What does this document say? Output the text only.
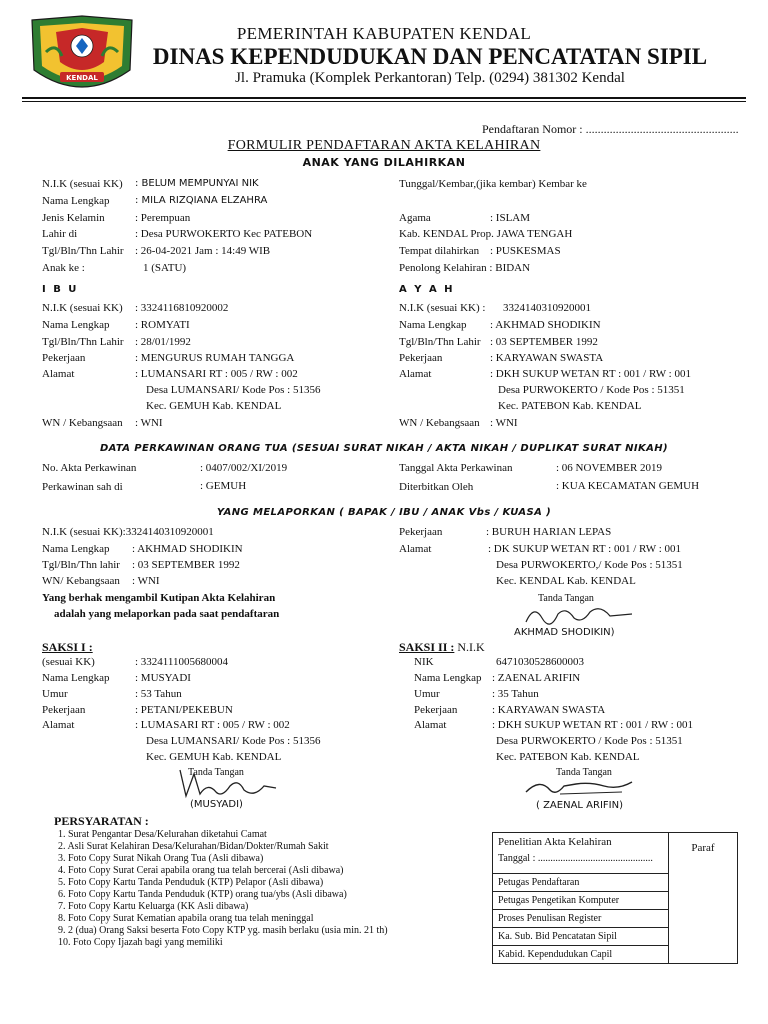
KENDAL
PEMERINTAH KABUPATEN KENDAL
DINAS KEPENDUDUKAN DAN PENCATATAN SIPIL
Jl. Pramuka (Komplek Perkantoran) Telp. (0294) 381302 Kendal
Pendaftaran Nomor : ...................................................
FORMULIR PENDAFTARAN AKTA KELAHIRAN
ANAK YANG DILAHIRKAN
N.I.K (sesuai KK) : BELUM MEMPUNYAI NIK
Nama Lengkap	: MILA RIZQIANA ELZAHRA
Jenis Kelamin	: Perempuan
Lahir di	: Desa PURWOKERTO Kec PATEBON
Tgl/Bln/Thn Lahir : 26-04-2021 Jam : 14:49 WIB
Anak ke :	1 (SATU)
Tunggal/Kembar,(jika kembar) Kembar ke
Agama	: ISLAM
Kab. KENDAL Prop. JAWA TENGAH
Tempat dilahirkan : PUSKESMAS
Penolong Kelahiran : BIDAN
I B U
N.I.K (sesuai KK) : 3324116810920002
Nama Lengkap : ROMYATI
Tgl/Bln/Thn Lahir : 28/01/1992
Pekerjaan	: MENGURUS RUMAH TANGGA
Alamat	: LUMANSARI RT : 005 / RW : 002
Desa LUMANSARI/ Kode Pos : 51356
Kec. GEMUH Kab. KENDAL
WN / Kebangsaan : WNI
A Y A H
N.I.K (sesuai KK) : 3324140310920001
Nama Lengkap : AKHMAD SHODIKIN
Tgl/Bln/Thn Lahir : 03 SEPTEMBER 1992
Pekerjaan	: KARYAWAN SWASTA
Alamat	: DKH SUKUP WETAN RT : 001 / RW : 001
Desa PURWOKERTO / Kode Pos : 51351
Kec. PATEBON Kab. KENDAL
WN / Kebangsaan : WNI
DATA PERKAWINAN ORANG TUA (SESUAI SURAT NIKAH / AKTA NIKAH / DUPLIKAT SURAT NIKAH)
No. Akta Perkawinan	: 0407/002/XI/2019
Perkawinan sah di	: GEMUH
Tanggal Akta Perkawinan	: 06 NOVEMBER 2019
Diterbitkan Oleh	: KUA KECAMATAN GEMUH
YANG MELAPORKAN ( BAPAK / IBU / ANAK Vbs / KUASA )
N.I.K (sesuai KK):3324140310920001
Nama Lengkap : AKHMAD SHODIKIN
Tgl/Bln/Thn lahir : 03 SEPTEMBER 1992
WN/ Kebangsaan : WNI
Yang berhak mengambil Kutipan Akta Kelahiran
adalah yang melaporkan pada saat pendaftaran
Pekerjaan	: BURUH HARIAN LEPAS
Alamat	: DK SUKUP WETAN RT : 001 / RW : 001
Desa PURWOKERTO,/ Kode Pos : 51351
Kec. KENDAL Kab. KENDAL
Tanda Tangan
AKHMAD SHODIKIN)
SAKSI I :
(sesuai KK)	: 3324111005680004
Nama Lengkap : MUSYADI
Umur	: 53 Tahun
Pekerjaan	: PETANI/PEKEBUN
Alamat	: LUMASARI RT : 005 / RW : 002
Desa LUMANSARI/ Kode Pos : 51356
Kec. GEMUH Kab. KENDAL
Tanda Tangan
(MUSYADI)
SAKSI II : N.I.K
NIK	6471030528600003
Nama Lengkap : ZAENAL ARIFIN
Umur	: 35 Tahun
Pekerjaan	: KARYAWAN SWASTA
Alamat	: DKH SUKUP WETAN RT : 001 / RW : 001
Desa PURWOKERTO / Kode Pos : 51351
Kec. PATEBON Kab. KENDAL
Tanda Tangan
( ZAENAL ARIFIN)
PERSYARATAN :
1. Surat Pengantar Desa/Kelurahan diketahui Camat
2. Asli Surat Kelahiran Desa/Kelurahan/Bidan/Dokter/Rumah Sakit
3. Foto Copy Surat Nikah Orang Tua (Asli dibawa)
4. Foto Copy Surat Cerai apabila orang tua telah bercerai (Asli dibawa)
5. Foto Copy Kartu Tanda Penduduk (KTP) Pelapor (Asli dibawa)
6. Foto Copy Kartu Tanda Penduduk (KTP) orang tua/ybs (Asli dibawa)
7. Foto Copy Kartu Keluarga (KK Asli dibawa)
8. Foto Copy Surat Kematian apabila orang tua telah meninggal
9. 2 (dua) Orang Saksi beserta Foto Copy KTP yg. masih berlaku (usia min. 21 th)
10. Foto Copy Ijazah bagi yang memiliki
Penelitian Akta Kelahiran
Tanggal : ..............................................

Paraf

Petugas Pendaftaran
Petugas Pengetikan Komputer
Proses Penulisan Register
Ka. Sub. Bid Pencatatan Sipil
Kabid. Kependudukan Capil
